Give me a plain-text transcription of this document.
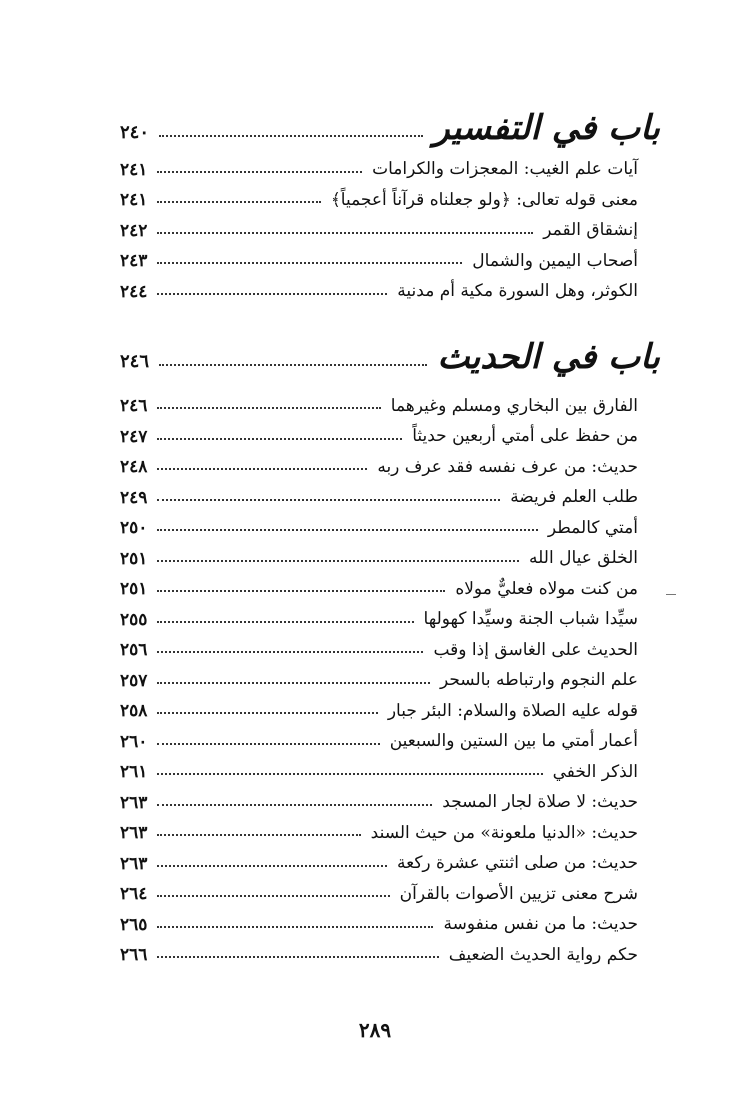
باب في التفسير
٢٤٠
آيات علم الغيب: المعجزات والكرامات
٢٤١
معنى قوله تعالى: ﴿ولو جعلناه قرآناً أعجمياً﴾
٢٤١
إنشقاق القمر
٢٤٢
أصحاب اليمين والشمال
٢٤٣
الكوثر، وهل السورة مكية أم مدنية
٢٤٤
باب في الحديث
٢٤٦
الفارق بين البخاري ومسلم وغيرهما
٢٤٦
من حفظ على أمتي أربعين حديثاً
٢٤٧
حديث: من عرف نفسه فقد عرف ربه
٢٤٨
طلب العلم فريضة
٢٤٩
أمتي كالمطر
٢٥٠
الخلق عيال الله
٢٥١
من كنت مولاه فعليٌّ مولاه
٢٥١
سيِّدا شباب الجنة وسيِّدا كهولها
٢٥٥
الحديث على الغاسق إذا وقب
٢٥٦
علم النجوم وارتباطه بالسحر
٢٥٧
قوله عليه الصلاة والسلام: البئر جبار
٢٥٨
أعمار أمتي ما بين الستين والسبعين
٢٦٠
الذكر الخفي
٢٦١
حديث: لا صلاة لجار المسجد
٢٦٣
حديث: «الدنيا ملعونة» من حيث السند
٢٦٣
حديث: من صلى اثنتي عشرة ركعة
٢٦٣
شرح معنى تزيين الأصوات بالقرآن
٢٦٤
حديث: ما من نفس منفوسة
٢٦٥
حكم رواية الحديث الضعيف
٢٦٦
٢٨٩
